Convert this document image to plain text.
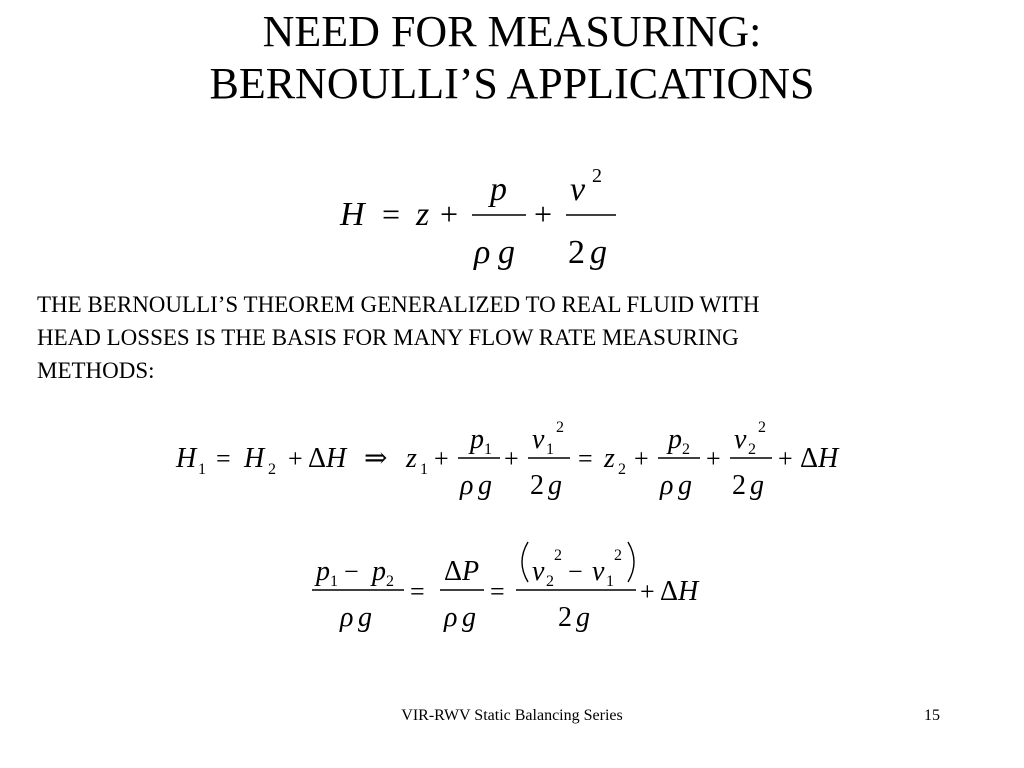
NEED FOR MEASURING:
BERNOULLI’S APPLICATIONS
H = z +
p
ρ g
+
v 2
2 g
THE BERNOULLI’S THEOREM GENERALIZED TO REAL FLUID WITH
HEAD LOSSES IS THE BASIS FOR MANY FLOW RATE MEASURING
METHODS:
H 1 = H 2 + Δ H ⇒ z 1 +
p 1
ρ g
+
v 1
2
2 g
= z 2 +
p 2
ρ g
+
v 2
2
2 g
+ Δ H
p 1 − p 2
ρ g
=
Δ P
ρ g
=
v 2
2
− v 1
2
2 g
+ Δ H
VIR-RWV Static Balancing Series	15
